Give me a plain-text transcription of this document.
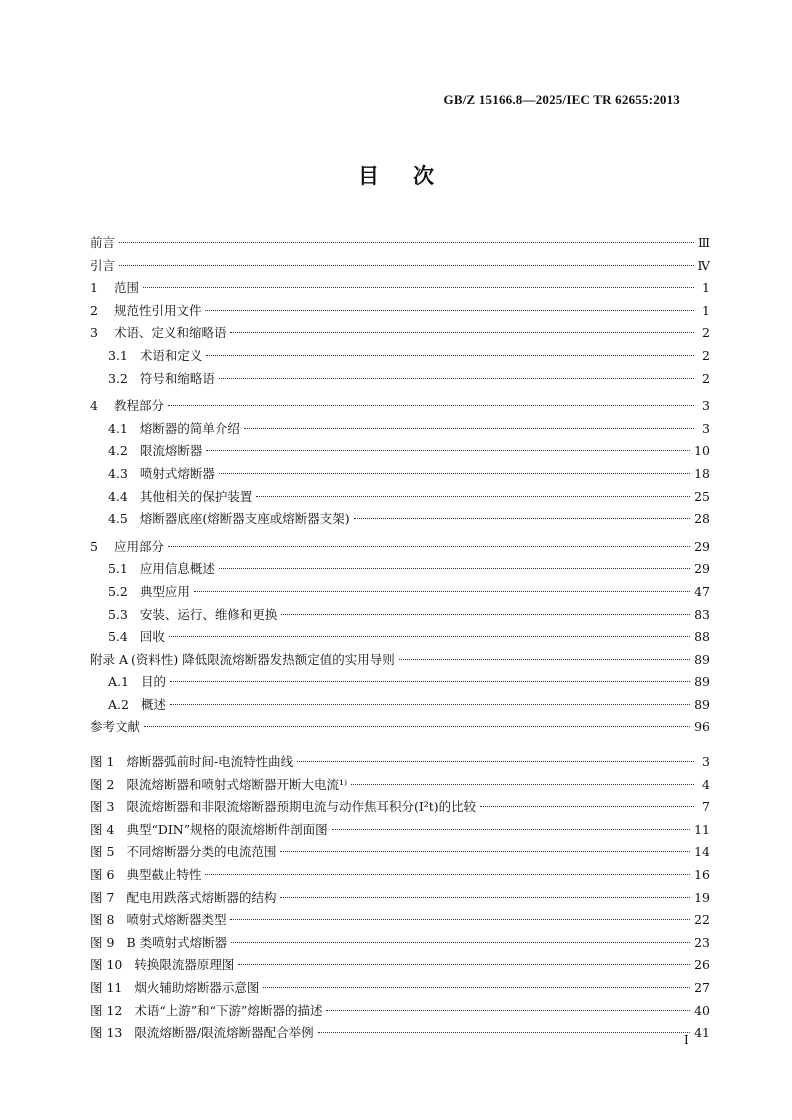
GB/Z 15166.8—2025/IEC TR 62655:2013
目 次
前言	Ⅲ
引言	Ⅳ
1 范围	1
2 规范性引用文件	1
3 术语、定义和缩略语	2
3.1 术语和定义	2
3.2 符号和缩略语	2
4 教程部分	3
4.1 熔断器的简单介绍	3
4.2 限流熔断器	10
4.3 喷射式熔断器	18
4.4 其他相关的保护装置	25
4.5 熔断器底座(熔断器支座或熔断器支架)	28
5 应用部分	29
5.1 应用信息概述	29
5.2 典型应用	47
5.3 安装、运行、维修和更换	83
5.4 回收	88
附录 A (资料性) 降低限流熔断器发热额定值的实用导则	89
A.1 目的	89
A.2 概述	89
参考文献	96
图 1 熔断器弧前时间-电流特性曲线	3
图 2 限流熔断器和喷射式熔断器开断大电流¹⁾	4
图 3 限流熔断器和非限流熔断器预期电流与动作焦耳积分(I²t)的比较	7
图 4 典型“DIN”规格的限流熔断件剖面图	11
图 5 不同熔断器分类的电流范围	14
图 6 典型截止特性	16
图 7 配电用跌落式熔断器的结构	19
图 8 喷射式熔断器类型	22
图 9 B 类喷射式熔断器	23
图 10 转换限流器原理图	26
图 11 烟火辅助熔断器示意图	27
图 12 术语“上游”和“下游”熔断器的描述	40
图 13 限流熔断器/限流熔断器配合举例	41
I
